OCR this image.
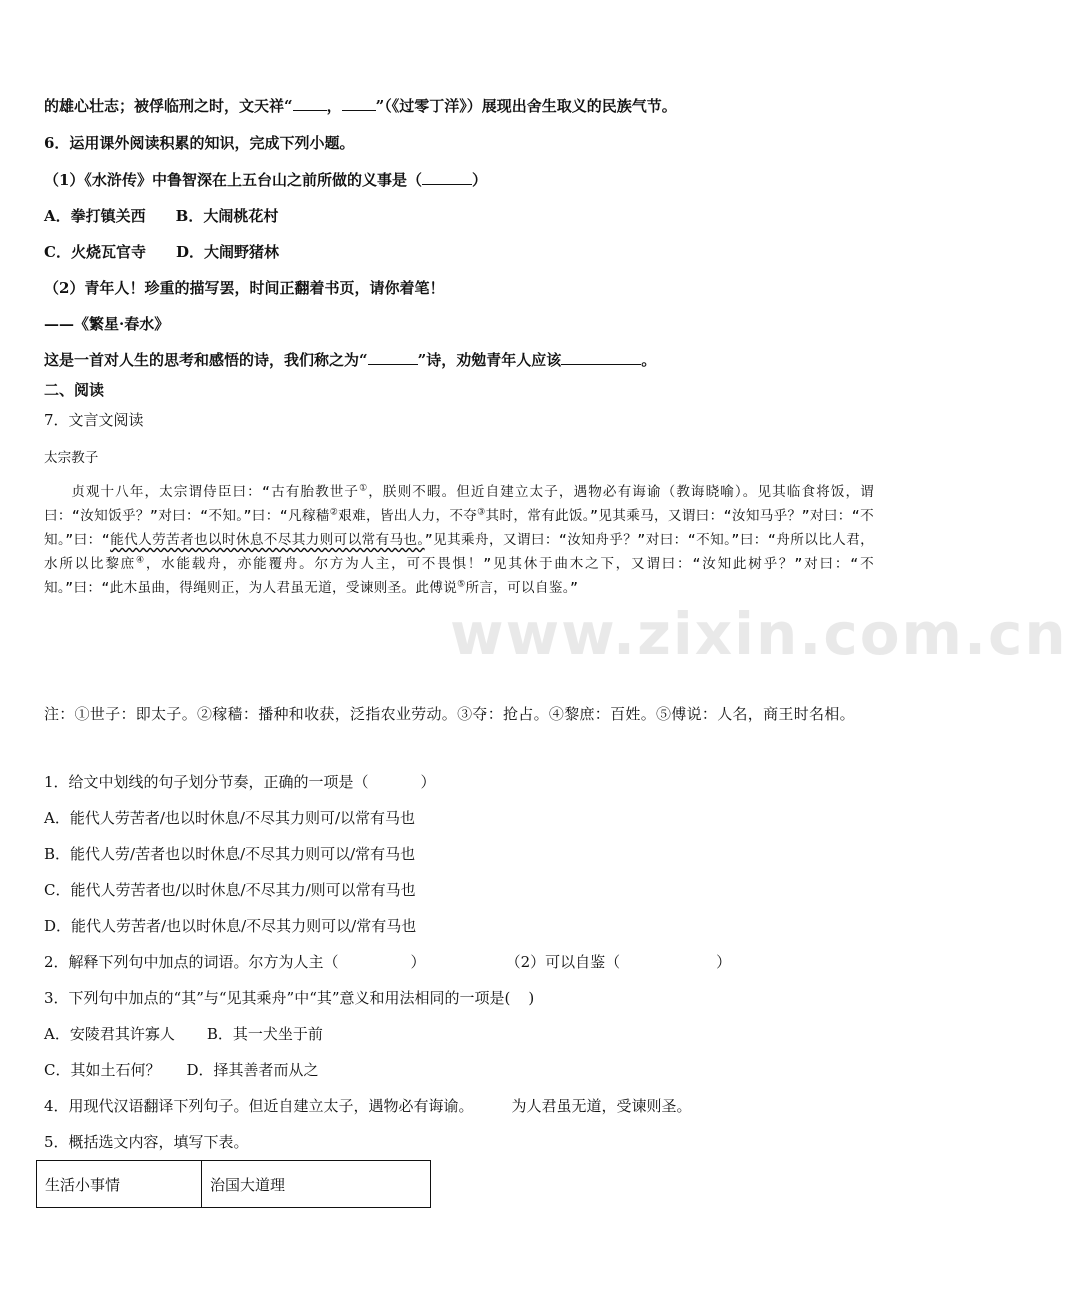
www.zixin.com.cn
的雄心壮志；被俘临刑之时，文天祥“ ， ”（《过零丁洋》）展现出舍生取义的民族气节。
6．运用课外阅读积累的知识，完成下列小题。
（1）《水浒传》中鲁智深在上五台山之前所做的义事是（	）
A．拳打镇关西 B．大闹桃花村
C．火烧瓦官寺 D．大闹野猪林
（2）青年人！珍重的描写罢，时间正翻着书页，请你着笔！
——《繁星·春水》
这是一首对人生的思考和感悟的诗，我们称之为“	”诗，劝勉青年人应该	。
二、阅读
7．文言文阅读
太宗教子
贞观十八年，太宗谓侍臣曰：“古有胎教世子①，朕则不暇。但近自建立太子，遇物必有诲谕（教诲晓喻）。见其临食将饭，谓曰：“汝知饭乎？”对曰：“不知。”曰：“凡稼穑②艰难，皆出人力，不夺③其时，常有此饭。”见其乘马，又谓曰：“汝知马乎？”对曰：“不知。”曰：“能代人劳苦者也以时休息不尽其力则可以常有马也。”见其乘舟，又谓曰：“汝知舟乎？”对曰：“不知。”曰：“舟所以比人君，水所以比黎庶④，水能载舟，亦能覆舟。尔方为人主，可不畏惧！”见其休于曲木之下，又谓曰：“汝知此树乎？”对曰：“不知。”曰：“此木虽曲，得绳则正，为人君虽无道，受谏则圣。此傅说⑤所言，可以自鉴。”
注：①世子：即太子。②稼穑：播种和收获，泛指农业劳动。③夺：抢占。④黎庶：百姓。⑤傅说：人名，商王时名相。
1．给文中划线的句子划分节奏，正确的一项是（	）
A．能代人劳苦者/也以时休息/不尽其力则可/以常有马也
B．能代人劳/苦者也以时休息/不尽其力则可以/常有马也
C．能代人劳苦者也/以时休息/不尽其力/则可以常有马也
D．能代人劳苦者/也以时休息/不尽其力则可以/常有马也
2．解释下列句中加点的词语。尔方为人主（	）	（2）可以自鉴（	）
3．下列句中加点的“其”与“见其乘舟”中“其”意义和用法相同的一项是( )
A．安陵君其许寡人 B．其一犬坐于前
C．其如土石何？ D．择其善者而从之
4．用现代汉语翻译下列句子。但近自建立太子，遇物必有诲谕。	为人君虽无道，受谏则圣。
5．概括选文内容，填写下表。
生活小事情	治国大道理
